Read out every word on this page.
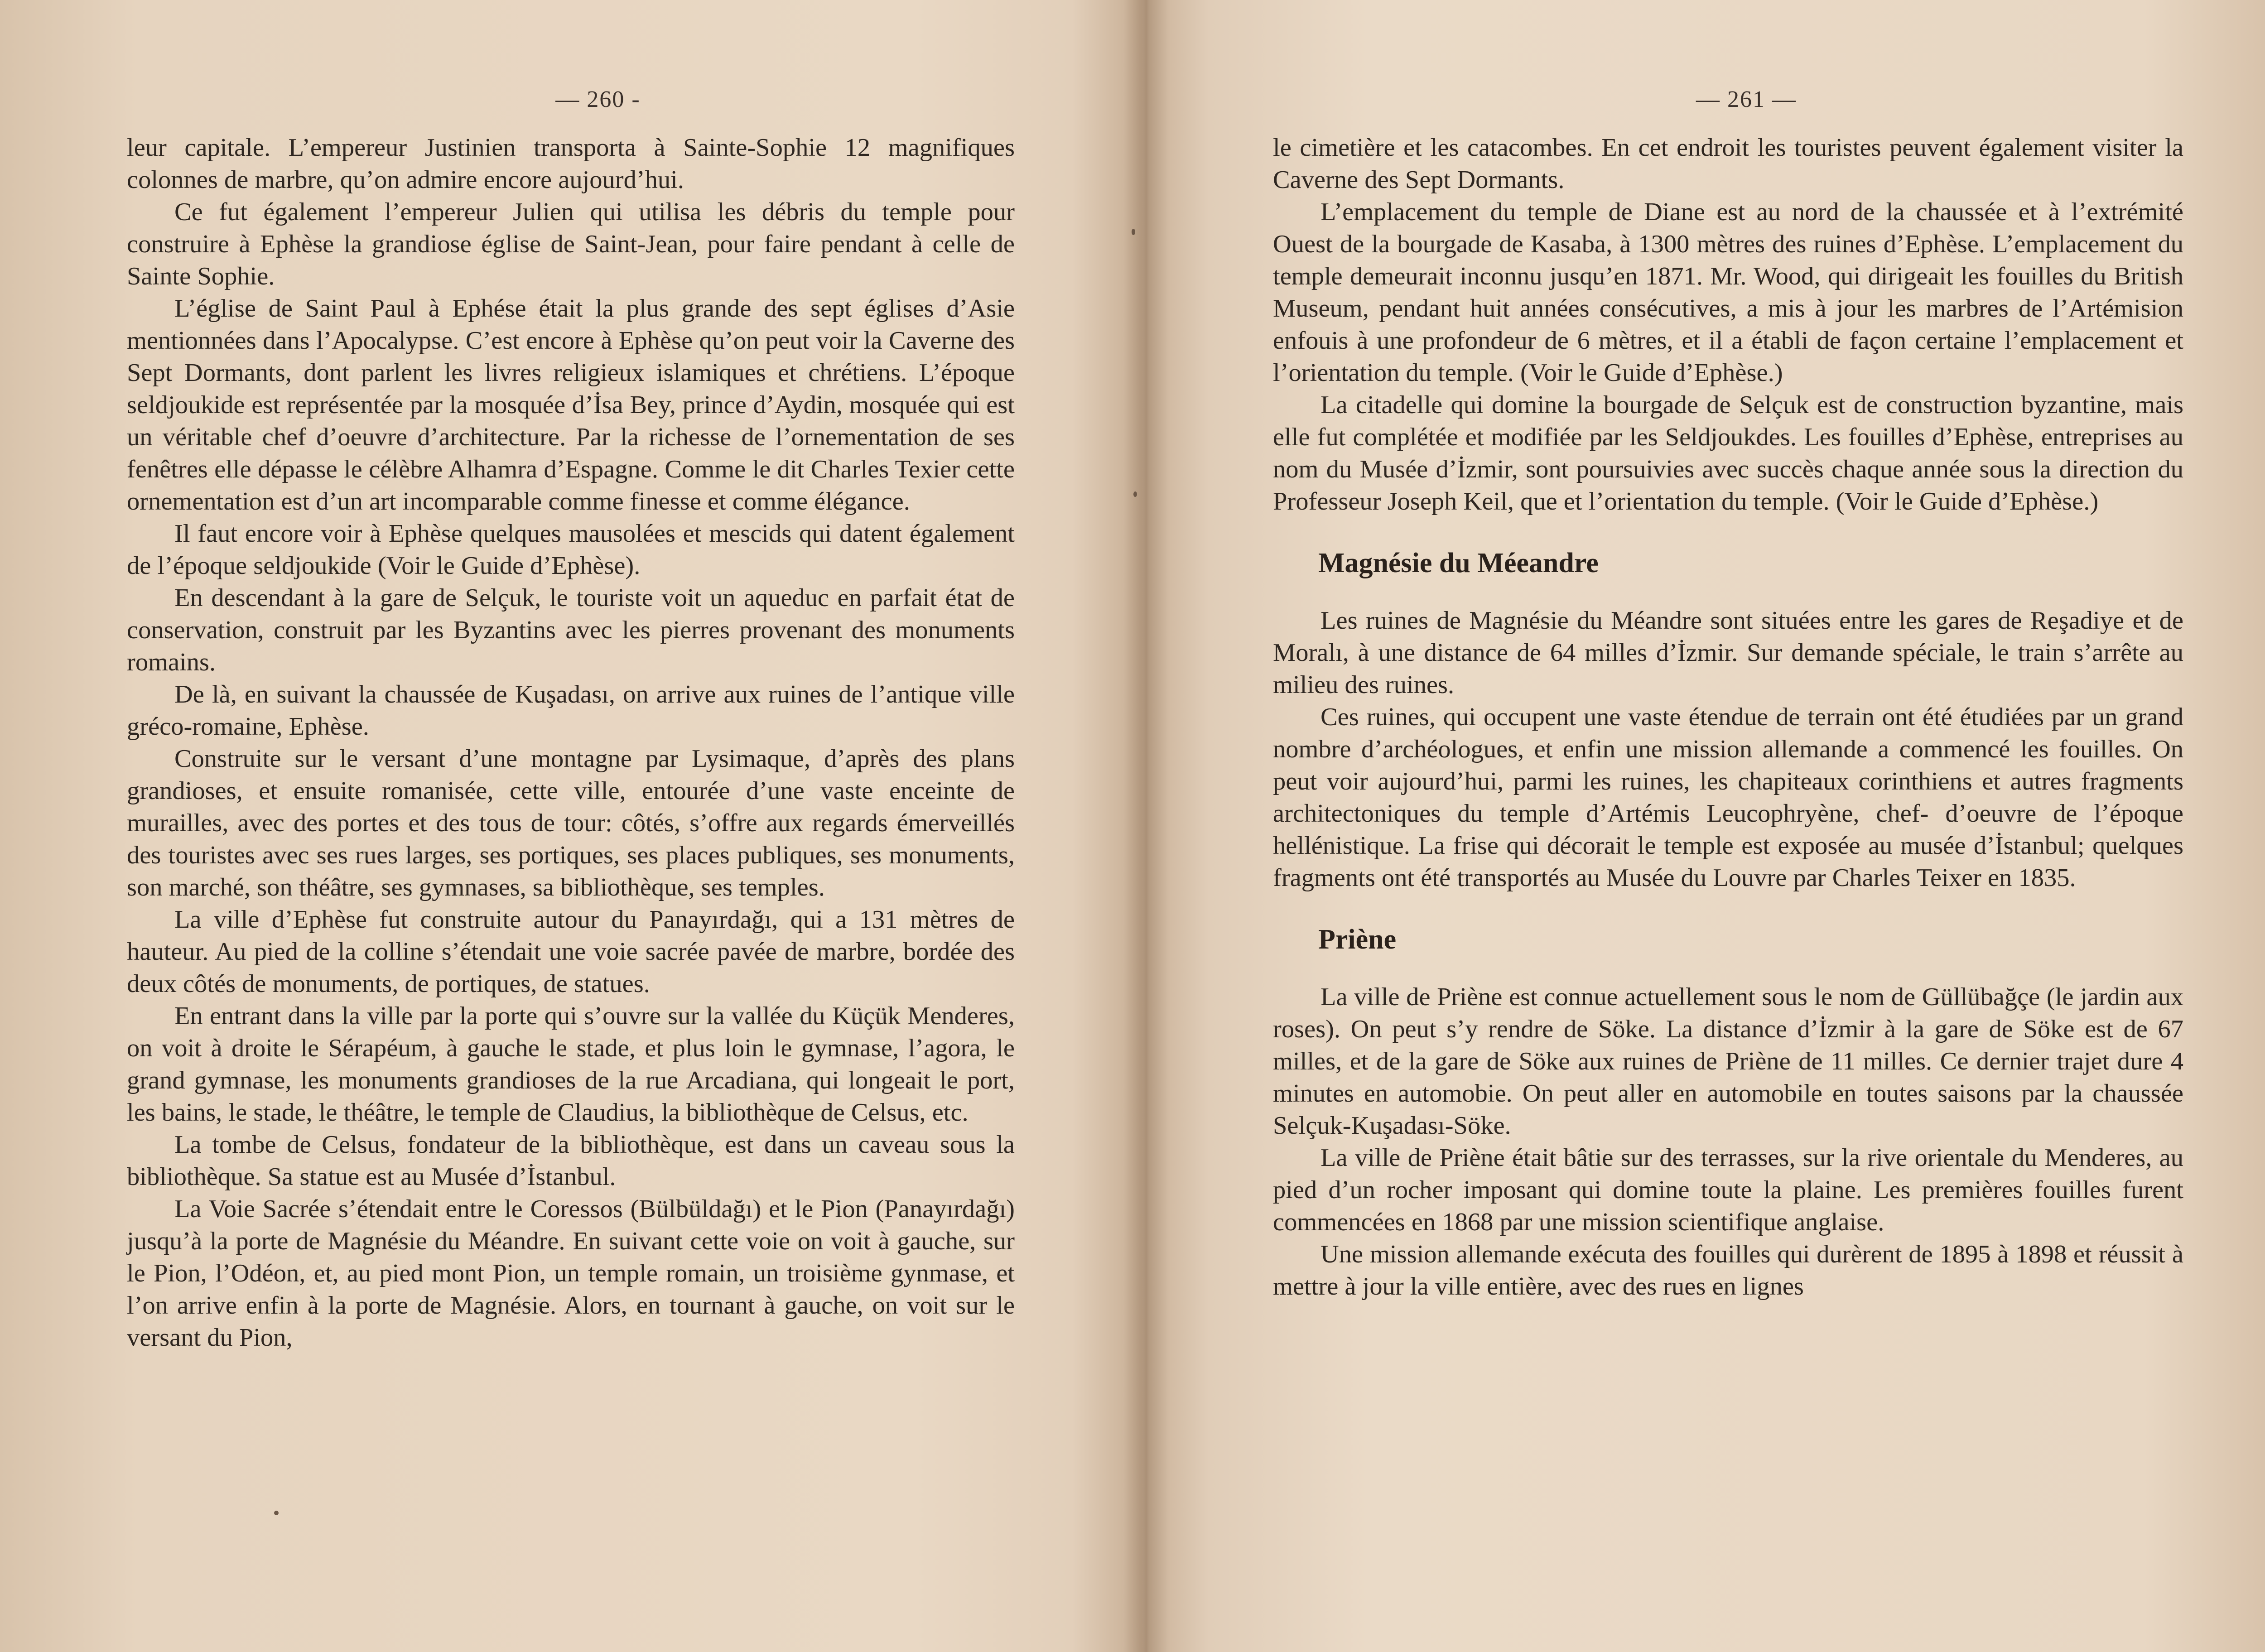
— 260 -

leur capitale. L’empereur Justinien transporta à Sainte-Sophie 12 magnifiques colonnes de marbre, qu’on admire encore aujourd’hui.

Ce fut également l’empereur Julien qui utilisa les débris du temple pour construire à Ephèse la grandiose église de Saint-Jean, pour faire pendant à celle de Sainte Sophie.

L’église de Saint Paul à Ephése était la plus grande des sept églises d’Asie mentionnées dans l’Apocalypse. C’est encore à Ephèse qu’on peut voir la Caverne des Sept Dormants, dont parlent les livres religieux islamiques et chrétiens. L’époque seldjoukide est représentée par la mosquée d’İsa Bey, prince d’Aydin, mosquée qui est un véritable chef d’oeuvre d’architecture. Par la richesse de l’ornementation de ses fenêtres elle dépasse le célèbre Alhamra d’Espagne. Comme le dit Charles Texier cette ornementation est d’un art incomparable comme finesse et comme élégance.

Il faut encore voir à Ephèse quelques mausolées et mescids qui datent également de l’époque seldjoukide (Voir le Guide d’Ephèse).

En descendant à la gare de Selçuk, le touriste voit un aqueduc en parfait état de conservation, construit par les Byzantins avec les pierres provenant des monuments romains.

De là, en suivant la chaussée de Kuşadası, on arrive aux ruines de l’antique ville gréco-romaine, Ephèse.

Construite sur le versant d’une montagne par Lysimaque, d’après des plans grandioses, et ensuite romanisée, cette ville, entourée d’une vaste enceinte de murailles, avec des portes et des tous de tour: côtés, s’offre aux regards émerveillés des touristes avec ses rues larges, ses portiques, ses places publiques, ses monuments, son marché, son théâtre, ses gymnases, sa bibliothèque, ses temples.

La ville d’Ephèse fut construite autour du Panayırdağı, qui a 131 mètres de hauteur. Au pied de la colline s’étendait une voie sacrée pavée de marbre, bordée des deux côtés de monuments, de portiques, de statues.

En entrant dans la ville par la porte qui s’ouvre sur la vallée du Küçük Menderes, on voit à droite le Sérapéum, à gauche le stade, et plus loin le gymnase, l’agora, le grand gymnase, les monuments grandioses de la rue Arcadiana, qui longeait le port, les bains, le stade, le théâtre, le temple de Claudius, la bibliothèque de Celsus, etc.

La tombe de Celsus, fondateur de la bibliothèque, est dans un caveau sous la bibliothèque. Sa statue est au Musée d’İstanbul.

La Voie Sacrée s’étendait entre le Coressos (Bülbüldağı) et le Pion (Panayırdağı) jusqu’à la porte de Magnésie du Méandre. En suivant cette voie on voit à gauche, sur le Pion, l’Odéon, et, au pied mont Pion, un temple romain, un troisième gynmase, et l’on arrive enfin à la porte de Magnésie. Alors, en tournant à gauche, on voit sur le versant du Pion,

— 261 —

le cimetière et les catacombes. En cet endroit les touristes peuvent également visiter la Caverne des Sept Dormants.

L’emplacement du temple de Diane est au nord de la chaussée et à l’extrémité Ouest de la bourgade de Kasaba, à 1300 mètres des ruines d’Ephèse. L’emplacement du temple demeurait inconnu jusqu’en 1871. Mr. Wood, qui dirigeait les fouilles du British Museum, pendant huit années consécutives, a mis à jour les marbres de l’Artémision enfouis à une profondeur de 6 mètres, et il a établi de façon certaine l’emplacement et l’orientation du temple. (Voir le Guide d’Ephèse.)

La citadelle qui domine la bourgade de Selçuk est de construction byzantine, mais elle fut complétée et modifiée par les Seldjoukdes. Les fouilles d’Ephèse, entreprises au nom du Musée d’İzmir, sont poursuivies avec succès chaque année sous la direction du Professeur Joseph Keil, que et l’orientation du temple. (Voir le Guide d’Ephèse.)

Magnésie du Méeandre

Les ruines de Magnésie du Méandre sont situées entre les gares de Reşadiye et de Moralı, à une distance de 64 milles d’İzmir. Sur demande spéciale, le train s’arrête au milieu des ruines.

Ces ruines, qui occupent une vaste étendue de terrain ont été étudiées par un grand nombre d’archéologues, et enfin une mission allemande a commencé les fouilles. On peut voir aujourd’hui, parmi les ruines, les chapiteaux corinthiens et autres fragments architectoniques du temple d’Artémis Leucophryène, chef- d’oeuvre de l’époque hellénistique. La frise qui décorait le temple est exposée au musée d’İstanbul; quelques fragments ont été transportés au Musée du Louvre par Charles Teixer en 1835.

Priène

La ville de Priène est connue actuellement sous le nom de Güllübağçe (le jardin aux roses). On peut s’y rendre de Söke. La distance d’İzmir à la gare de Söke est de 67 milles, et de la gare de Söke aux ruines de Priène de 11 milles. Ce dernier trajet dure 4 minutes en automobie. On peut aller en automobile en toutes saisons par la chaussée Selçuk-Kuşadası-Söke.

La ville de Priène était bâtie sur des terrasses, sur la rive orientale du Menderes, au pied d’un rocher imposant qui domine toute la plaine. Les premières fouilles furent commencées en 1868 par une mission scientifique anglaise.

Une mission allemande exécuta des fouilles qui durèrent de 1895 à 1898 et réussit à mettre à jour la ville entière, avec des rues en lignes
